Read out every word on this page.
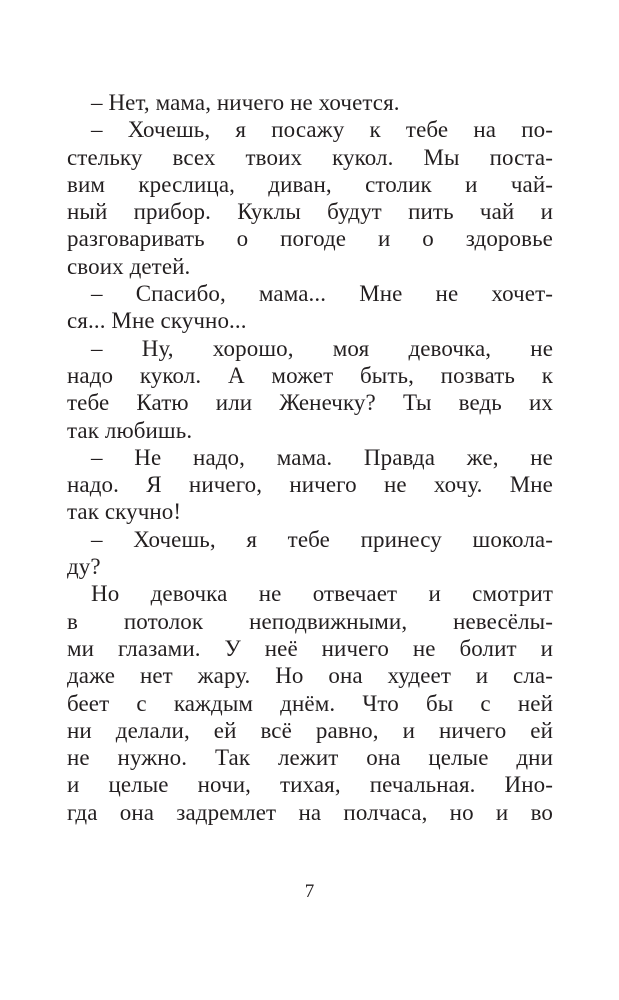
– Нет, мама, ничего не хочется.
– Хочешь, я посажу к тебе на по-
стельку всех твоих кукол. Мы поста-
вим креслица, диван, столик и чай-
ный прибор. Куклы будут пить чай и
разговаривать о погоде и о здоровье
своих детей.
– Спасибо, мама... Мне не хочет-
ся... Мне скучно...
– Ну, хорошо, моя девочка, не
надо кукол. А может быть, позвать к
тебе Катю или Женечку? Ты ведь их
так любишь.
– Не надо, мама. Правда же, не
надо. Я ничего, ничего не хочу. Мне
так скучно!
– Хочешь, я тебе принесу шокола-
ду?
Но девочка не отвечает и смотрит
в потолок неподвижными, невесёлы-
ми глазами. У неё ничего не болит и
даже нет жару. Но она худеет и сла-
беет с каждым днём. Что бы с ней
ни делали, ей всё равно, и ничего ей
не нужно. Так лежит она целые дни
и целые ночи, тихая, печальная. Ино-
гда она задремлет на полчаса, но и во
7
